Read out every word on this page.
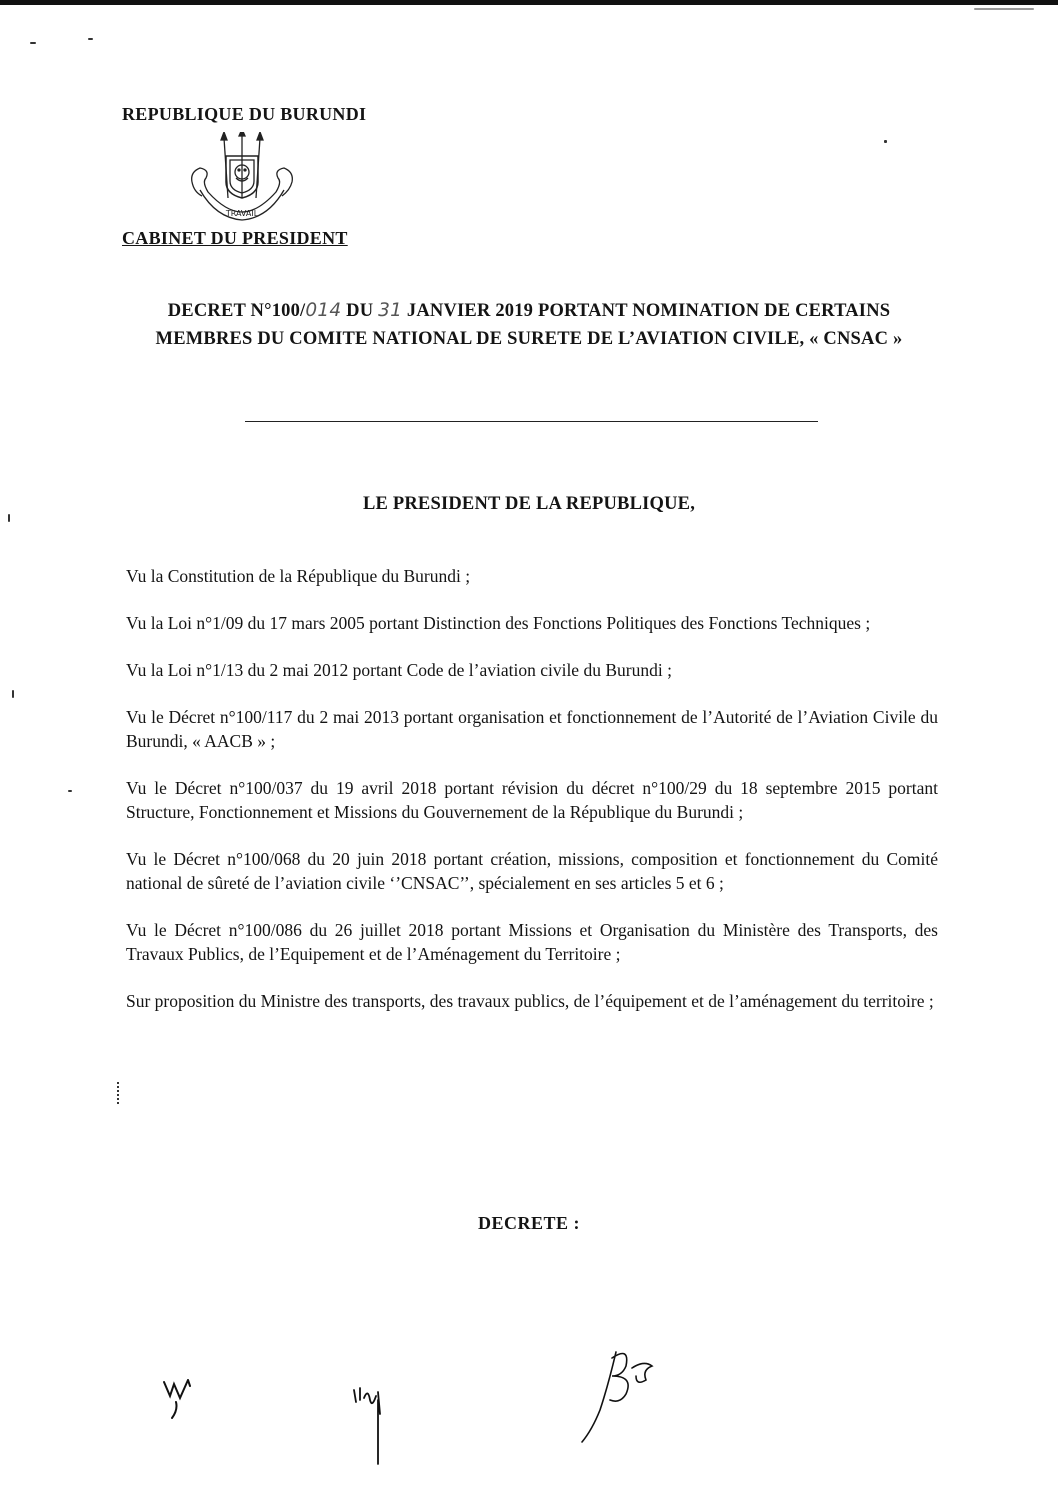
REPUBLIQUE DU BURUNDI

TRAVAIL
CABINET DU PRESIDENT
DECRET N°100/014 DU 31 JANVIER 2019 PORTANT NOMINATION DE CERTAINS MEMBRES DU COMITE NATIONAL DE SURETE DE L’AVIATION CIVILE, « CNSAC »
LE PRESIDENT DE LA REPUBLIQUE,
Vu la Constitution de la République du Burundi ;
Vu la Loi n°1/09 du 17 mars 2005 portant Distinction des Fonctions Politiques des Fonctions Techniques ;
Vu la Loi n°1/13 du 2 mai 2012 portant Code de l’aviation civile du Burundi ;
Vu le Décret n°100/117 du 2 mai 2013 portant organisation et fonctionnement de l’Autorité de l’Aviation Civile du Burundi, « AACB » ;
Vu le Décret n°100/037 du 19 avril 2018 portant révision du décret n°100/29 du 18 septembre 2015 portant Structure, Fonctionnement et Missions du Gouvernement de la République du Burundi ;
Vu le Décret n°100/068 du 20 juin 2018 portant création, missions, composition et fonctionnement du Comité national de sûreté de l’aviation civile ‘’CNSAC’’, spécialement en ses articles 5 et 6 ;
Vu le Décret n°100/086 du 26 juillet 2018 portant Missions et Organisation du Ministère des Transports, des Travaux Publics, de l’Equipement et de l’Aménagement du Territoire ;
Sur proposition du Ministre des transports, des travaux publics, de l’équipement et de l’aménagement du territoire ;
DECRETE :
